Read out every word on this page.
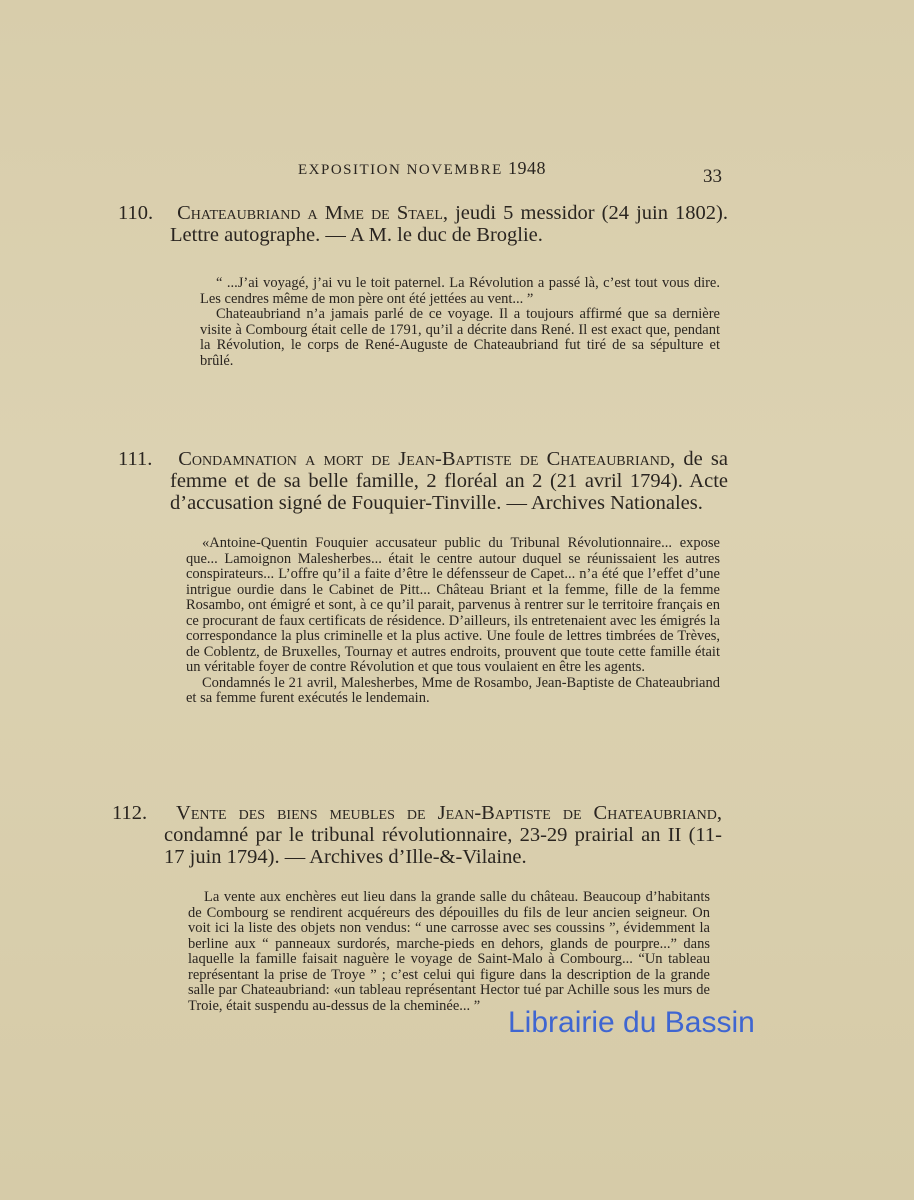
EXPOSITION NOVEMBRE 1948	33

110. Chateaubriand a Mme de Stael, jeudi 5 messidor (24 juin 1802). Lettre autographe. — A M. le duc de Broglie.

“ ...J’ai voyagé, j’ai vu le toit paternel. La Révolution a passé là, c’est tout vous dire. Les cendres même de mon père ont été jettées au vent... ”

Chateaubriand n’a jamais parlé de ce voyage. Il a toujours affirmé que sa dernière visite à Combourg était celle de 1791, qu’il a décrite dans René. Il est exact que, pendant la Révolution, le corps de René-Auguste de Chateaubriand fut tiré de sa sépulture et brûlé.

111. Condamnation a mort de Jean-Baptiste de Chateaubriand, de sa femme et de sa belle famille, 2 floréal an 2 (21 avril 1794). Acte d’accusation signé de Fouquier-Tinville. — Archives Nationales.

«Antoine-Quentin Fouquier accusateur public du Tribunal Révolutionnaire... expose que... Lamoignon Malesherbes... était le centre autour duquel se réunissaient les autres conspirateurs... L’offre qu’il a faite d’être le défensseur de Capet... n’a été que l’effet d’une intrigue ourdie dans le Cabinet de Pitt... Château Briant et la femme, fille de la femme Rosambo, ont émigré et sont, à ce qu’il parait, parvenus à rentrer sur le territoire français en ce procurant de faux certificats de résidence. D’ailleurs, ils entretenaient avec les émigrés la correspondance la plus criminelle et la plus active. Une foule de lettres timbrées de Trèves, de Coblentz, de Bruxelles, Tournay et autres endroits, prouvent que toute cette famille était un véritable foyer de contre Révolution et que tous voulaient en être les agents.

Condamnés le 21 avril, Malesherbes, Mme de Rosambo, Jean-Baptiste de Chateaubriand et sa femme furent exécutés le lendemain.

112. Vente des biens meubles de Jean-Baptiste de Chateaubriand, condamné par le tribunal révolutionnaire, 23-29 prairial an II (11-17 juin 1794). — Archives d’Ille-&-Vilaine.

La vente aux enchères eut lieu dans la grande salle du château. Beaucoup d’habitants de Combourg se rendirent acquéreurs des dépouilles du fils de leur ancien seigneur. On voit ici la liste des objets non vendus: “ une carrosse avec ses coussins ”, évidemment la berline aux “ panneaux surdorés, marche-pieds en dehors, glands de pourpre...” dans laquelle la famille faisait naguère le voyage de Saint-Malo à Combourg... “Un tableau représentant la prise de Troye ” ; c’est celui qui figure dans la description de la grande salle par Chateaubriand: «un tableau représentant Hector tué par Achille sous les murs de Troie, était suspendu au-dessus de la cheminée... ”

Librairie du Bassin
